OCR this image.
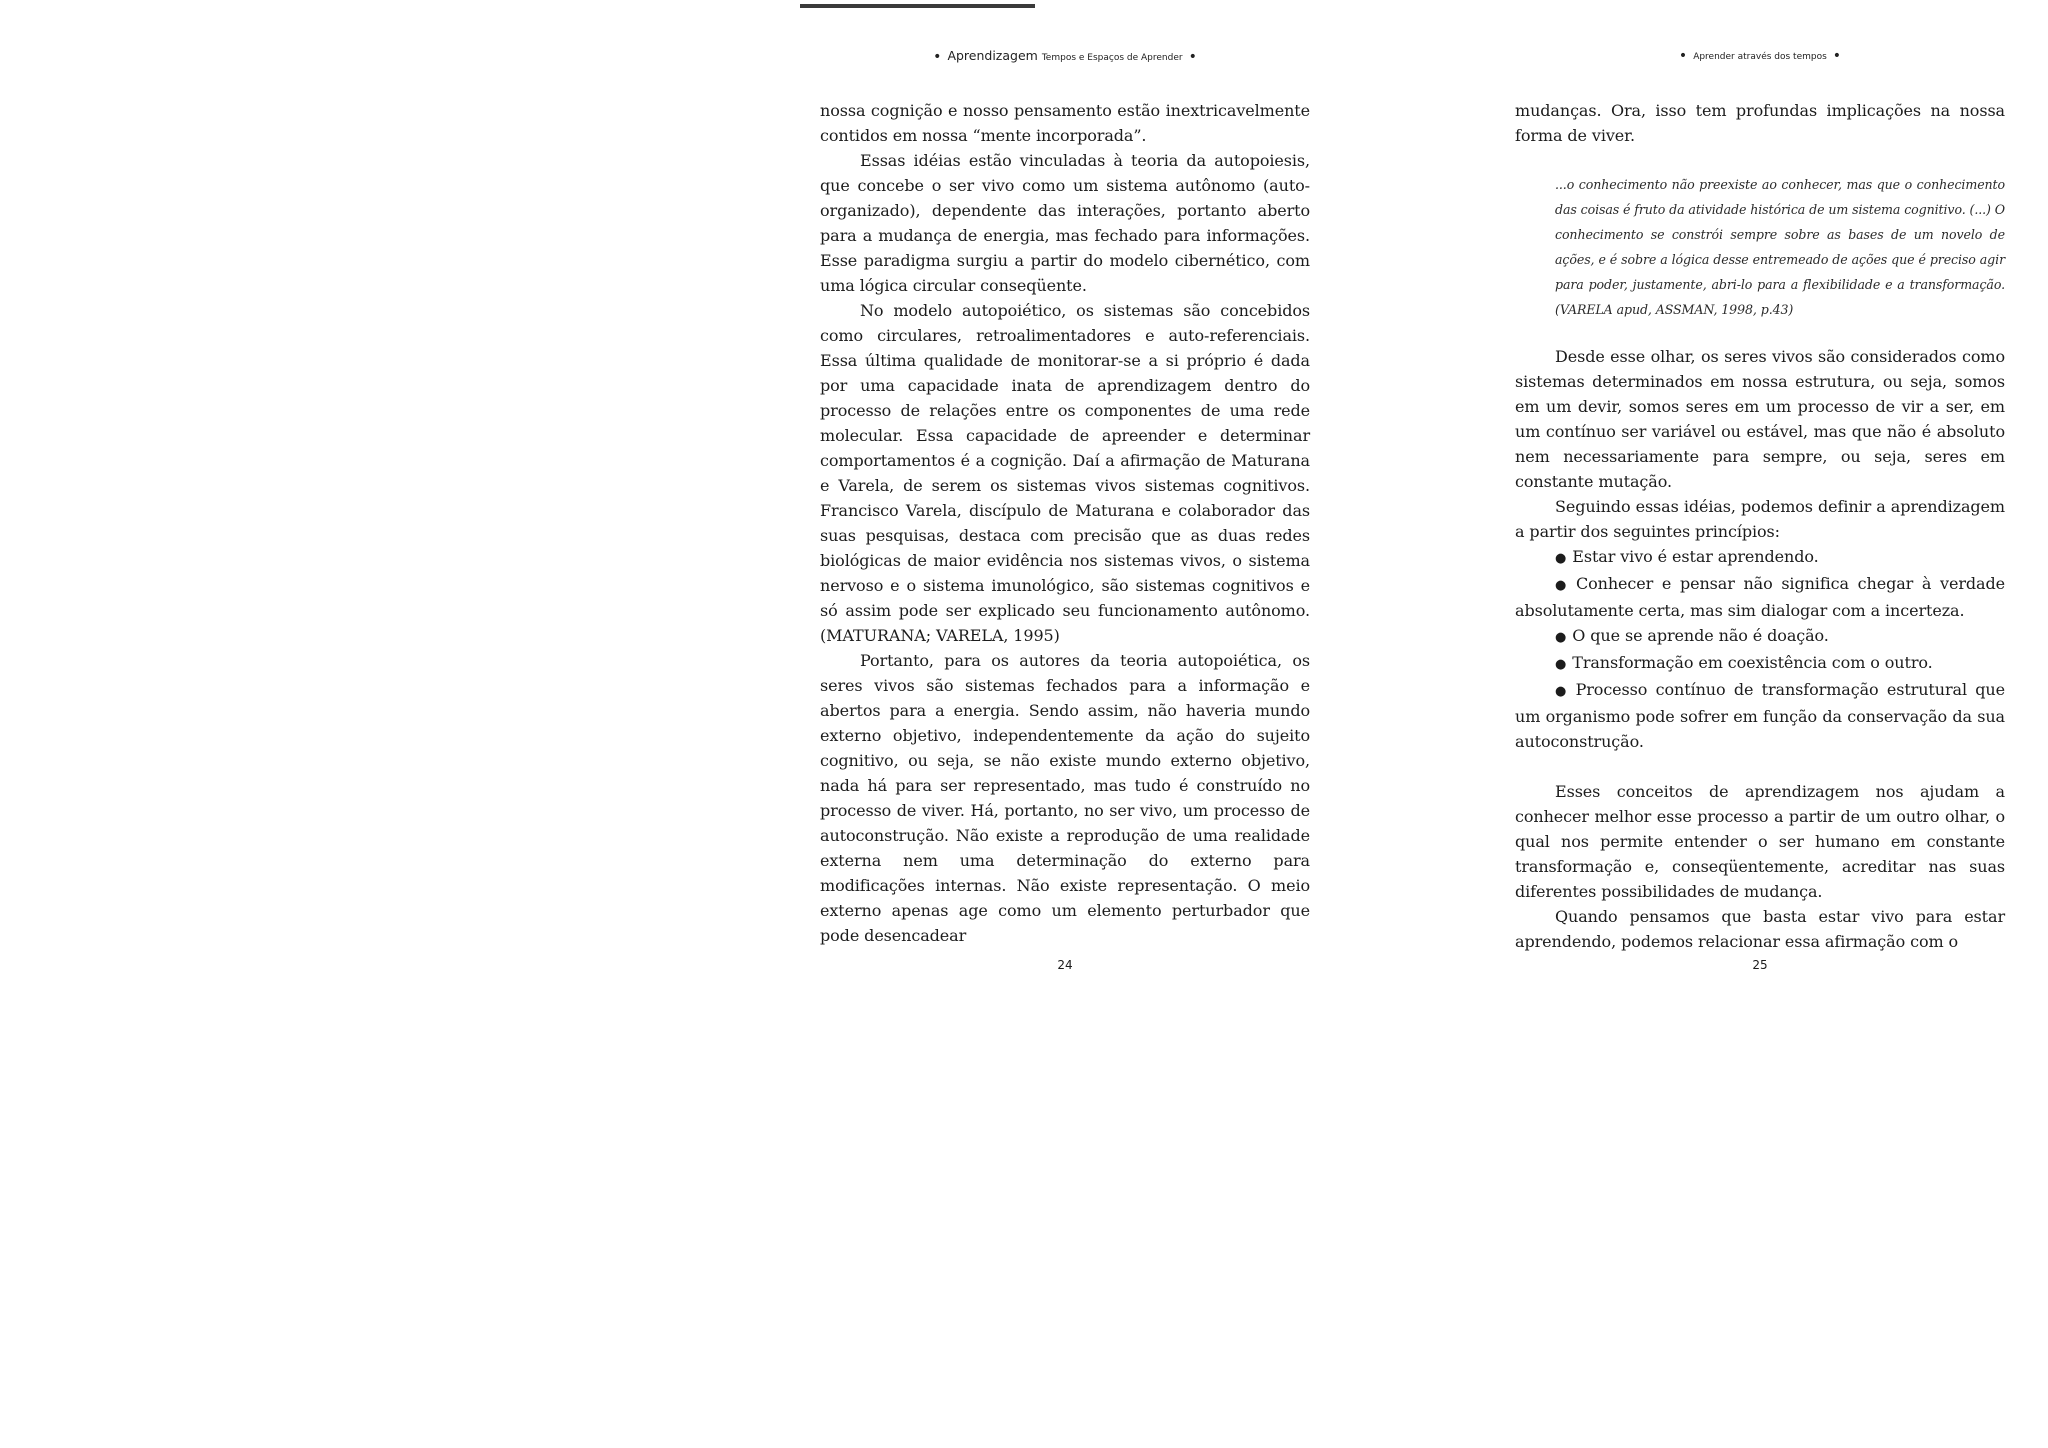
• Aprendizagem Tempos e Espaços de Aprender •

nossa cognição e nosso pensamento estão inextricavelmente contidos em nossa “mente incorporada”.

Essas idéias estão vinculadas à teoria da autopoiesis, que concebe o ser vivo como um sistema autônomo (auto-organizado), dependente das interações, portanto aberto para a mudança de energia, mas fechado para informações. Esse paradigma surgiu a partir do modelo cibernético, com uma lógica circular conseqüente.

No modelo autopoiético, os sistemas são concebidos como circulares, retroalimentadores e auto-referenciais. Essa última qualidade de monitorar-se a si próprio é dada por uma capacidade inata de aprendizagem dentro do processo de relações entre os componentes de uma rede molecular. Essa capacidade de apreender e determinar comportamentos é a cognição. Daí a afirmação de Maturana e Varela, de serem os sistemas vivos sistemas cognitivos. Francisco Varela, discípulo de Maturana e colaborador das suas pesquisas, destaca com precisão que as duas redes biológicas de maior evidência nos sistemas vivos, o sistema nervoso e o sistema imunológico, são sistemas cognitivos e só assim pode ser explicado seu funcionamento autônomo. (MATURANA; VARELA, 1995)

Portanto, para os autores da teoria autopoiética, os seres vivos são sistemas fechados para a informação e abertos para a energia. Sendo assim, não haveria mundo externo objetivo, independentemente da ação do sujeito cognitivo, ou seja, se não existe mundo externo objetivo, nada há para ser representado, mas tudo é construído no processo de viver. Há, portanto, no ser vivo, um processo de autoconstrução. Não existe a reprodução de uma realidade externa nem uma determinação do externo para modificações internas. Não existe representação. O meio externo apenas age como um elemento perturbador que pode desencadear

24
• Aprender através dos tempos •

mudanças. Ora, isso tem profundas implicações na nossa forma de viver.

...o conhecimento não preexiste ao conhecer, mas que o conhecimento das coisas é fruto da atividade histórica de um sistema cognitivo. (...) O conhecimento se constrói sempre sobre as bases de um novelo de ações, e é sobre a lógica desse entremeado de ações que é preciso agir para poder, justamente, abri-lo para a flexibilidade e a transformação. (VARELA apud, ASSMAN, 1998, p.43)

Desde esse olhar, os seres vivos são considerados como sistemas determinados em nossa estrutura, ou seja, somos em um devir, somos seres em um processo de vir a ser, em um contínuo ser variável ou estável, mas que não é absoluto nem necessariamente para sempre, ou seja, seres em constante mutação.

Seguindo essas idéias, podemos definir a aprendizagem a partir dos seguintes princípios:

● Estar vivo é estar aprendendo.

● Conhecer e pensar não significa chegar à verdade absolutamente certa, mas sim dialogar com a incerteza.

● O que se aprende não é doação.

● Transformação em coexistência com o outro.

● Processo contínuo de transformação estrutural que um organismo pode sofrer em função da conservação da sua autoconstrução.

Esses conceitos de aprendizagem nos ajudam a conhecer melhor esse processo a partir de um outro olhar, o qual nos permite entender o ser humano em constante transformação e, conseqüentemente, acreditar nas suas diferentes possibilidades de mudança.

Quando pensamos que basta estar vivo para estar aprendendo, podemos relacionar essa afirmação com o

25
